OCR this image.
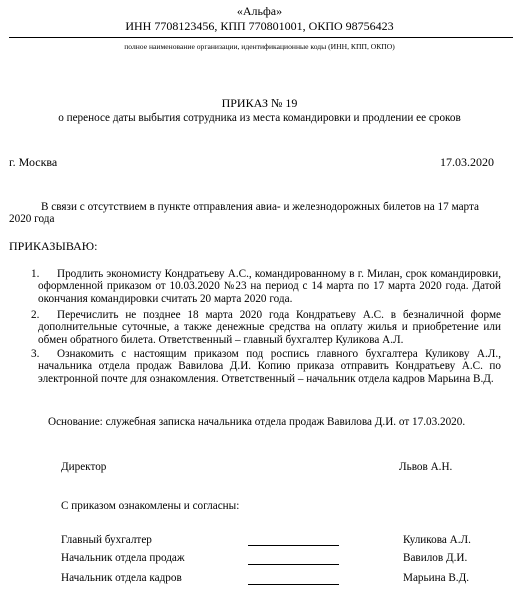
«Альфа»
ИНН 7708123456, КПП 770801001, ОКПО 98756423
полное наименование организации, идентификационные коды (ИНН, КПП, ОКПО)
ПРИКАЗ № 19
о переносе даты выбытия сотрудника из места командировки и продлении ее сроков
г. Москва	17.03.2020
В связи с отсутствием в пункте отправления авиа- и железнодорожных билетов на 17 марта 2020 года
ПРИКАЗЫВАЮ:
1.	Продлить экономисту Кондратьеву А.С., командированному в г. Милан, срок командировки, оформленной приказом от 10.03.2020 №23 на период с 14 марта по 17 марта 2020 года. Датой окончания командировки считать 20 марта 2020 года.
2.	Перечислить не позднее 18 марта 2020 года Кондратьеву А.С. в безналичной форме дополнительные суточные, а также денежные средства на оплату жилья и приобретение или обмен обратного билета. Ответственный – главный бухгалтер Куликова А.Л.
3.	Ознакомить с настоящим приказом под роспись главного бухгалтера Куликову А.Л., начальника отдела продаж Вавилова Д.И. Копию приказа отправить Кондратьеву А.С. по электронной почте для ознакомления. Ответственный – начальник отдела кадров Марьина В.Д.
Основание: служебная записка начальника отдела продаж Вавилова Д.И. от 17.03.2020.
Директор	Львов А.Н.
С приказом ознакомлены и согласны:
Главный бухгалтер	Куликова А.Л.
Начальник отдела продаж	Вавилов Д.И.
Начальник отдела кадров	Марьина В.Д.
